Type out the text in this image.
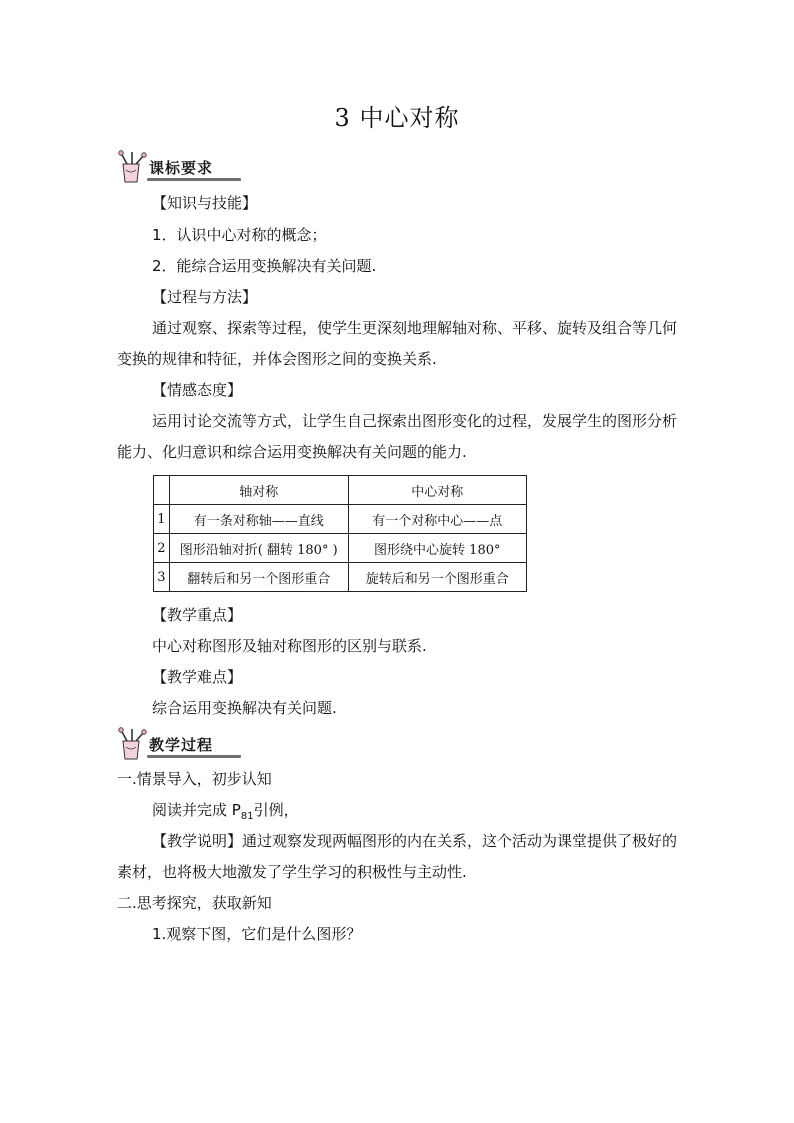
3 中心对称
课标要求
【知识与技能】
1．认识中心对称的概念；
2．能综合运用变换解决有关问题.
【过程与方法】
通过观察、探索等过程，使学生更深刻地理解轴对称、平移、旋转及组合等几何变换的规律和特征，并体会图形之间的变换关系.
【情感态度】
运用讨论交流等方式，让学生自己探索出图形变化的过程，发展学生的图形分析能力、化归意识和综合运用变换解决有关问题的能力.
	轴对称	中心对称
1	有一条对称轴——直线	有一个对称中心——点
2	图形沿轴对折( 翻转 180° )	图形绕中心旋转 180°
3	翻转后和另一个图形重合	旋转后和另一个图形重合
【教学重点】
中心对称图形及轴对称图形的区别与联系.
【教学难点】
综合运用变换解决有关问题.
教学过程
一.情景导入，初步认知
阅读并完成 $P_{81}$引例，
【教学说明】通过观察发现两幅图形的内在关系，这个活动为课堂提供了极好的素材，也将极大地激发了学生学习的积极性与主动性.
二.思考探究，获取新知
1.观察下图，它们是什么图形？
